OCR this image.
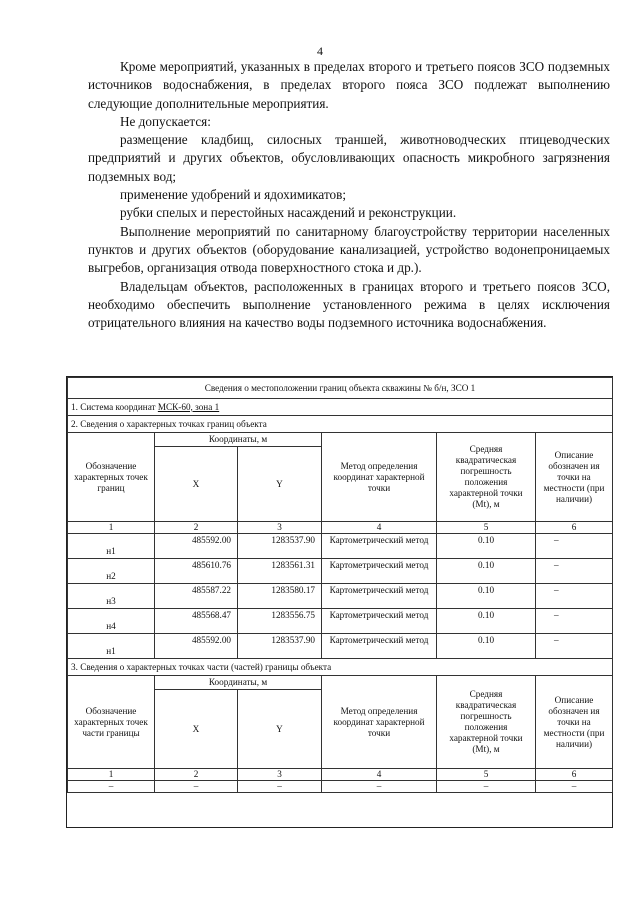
4

Кроме мероприятий, указанных в пределах второго и третьего поясов ЗСО подземных источников водоснабжения, в пределах второго пояса ЗСО подлежат выполнению следующие дополнительные мероприятия.

Не допускается:

размещение кладбищ, силосных траншей, животноводческих птицеводческих предприятий и других объектов, обусловливающих опасность микробного загрязнения подземных вод;

применение удобрений и ядохимикатов;

рубки спелых и перестойных насаждений и реконструкции.

Выполнение мероприятий по санитарному благоустройству территории населенных пунктов и других объектов (оборудование канализацией, устройство водонепроницаемых выгребов, организация отвода поверхностного стока и др.).

Владельцам объектов, расположенных в границах второго и третьего поясов ЗСО, необходимо обеспечить выполнение установленного режима в целях исключения отрицательного влияния на качество воды подземного источника водоснабжения.

Сведения о местоположении границ объекта скважины № б/н, ЗСО 1					
1. Система координат МСК-60, зона 1					
2. Сведения о характерных точках границ объекта					
Обозначение характерных точек границ	Координаты, м		Метод определения координат характерной точки	Средняя квадратическая погрешность положения характерной точки (Mt), м	Описание обозначен ия точки на местности (при наличии)
	X	Y			
1	2	3	4	5	6
н1	485592.00	1283537.90	Картометрический метод	0.10	–
н2	485610.76	1283561.31	Картометрический метод	0.10	–
н3	485587.22	1283580.17	Картометрический метод	0.10	–
н4	485568.47	1283556.75	Картометрический метод	0.10	–
н1	485592.00	1283537.90	Картометрический метод	0.10	–
3. Сведения о характерных точках части (частей) границы объекта					
Обозначение характерных точек части границы	Координаты, м		Метод определения координат характерной точки	Средняя квадратическая погрешность положения характерной точки (Mt), м	Описание обозначен ия точки на местности (при наличии)
	X	Y			
1	2	3	4	5	6
–	–	–	–	–	–
